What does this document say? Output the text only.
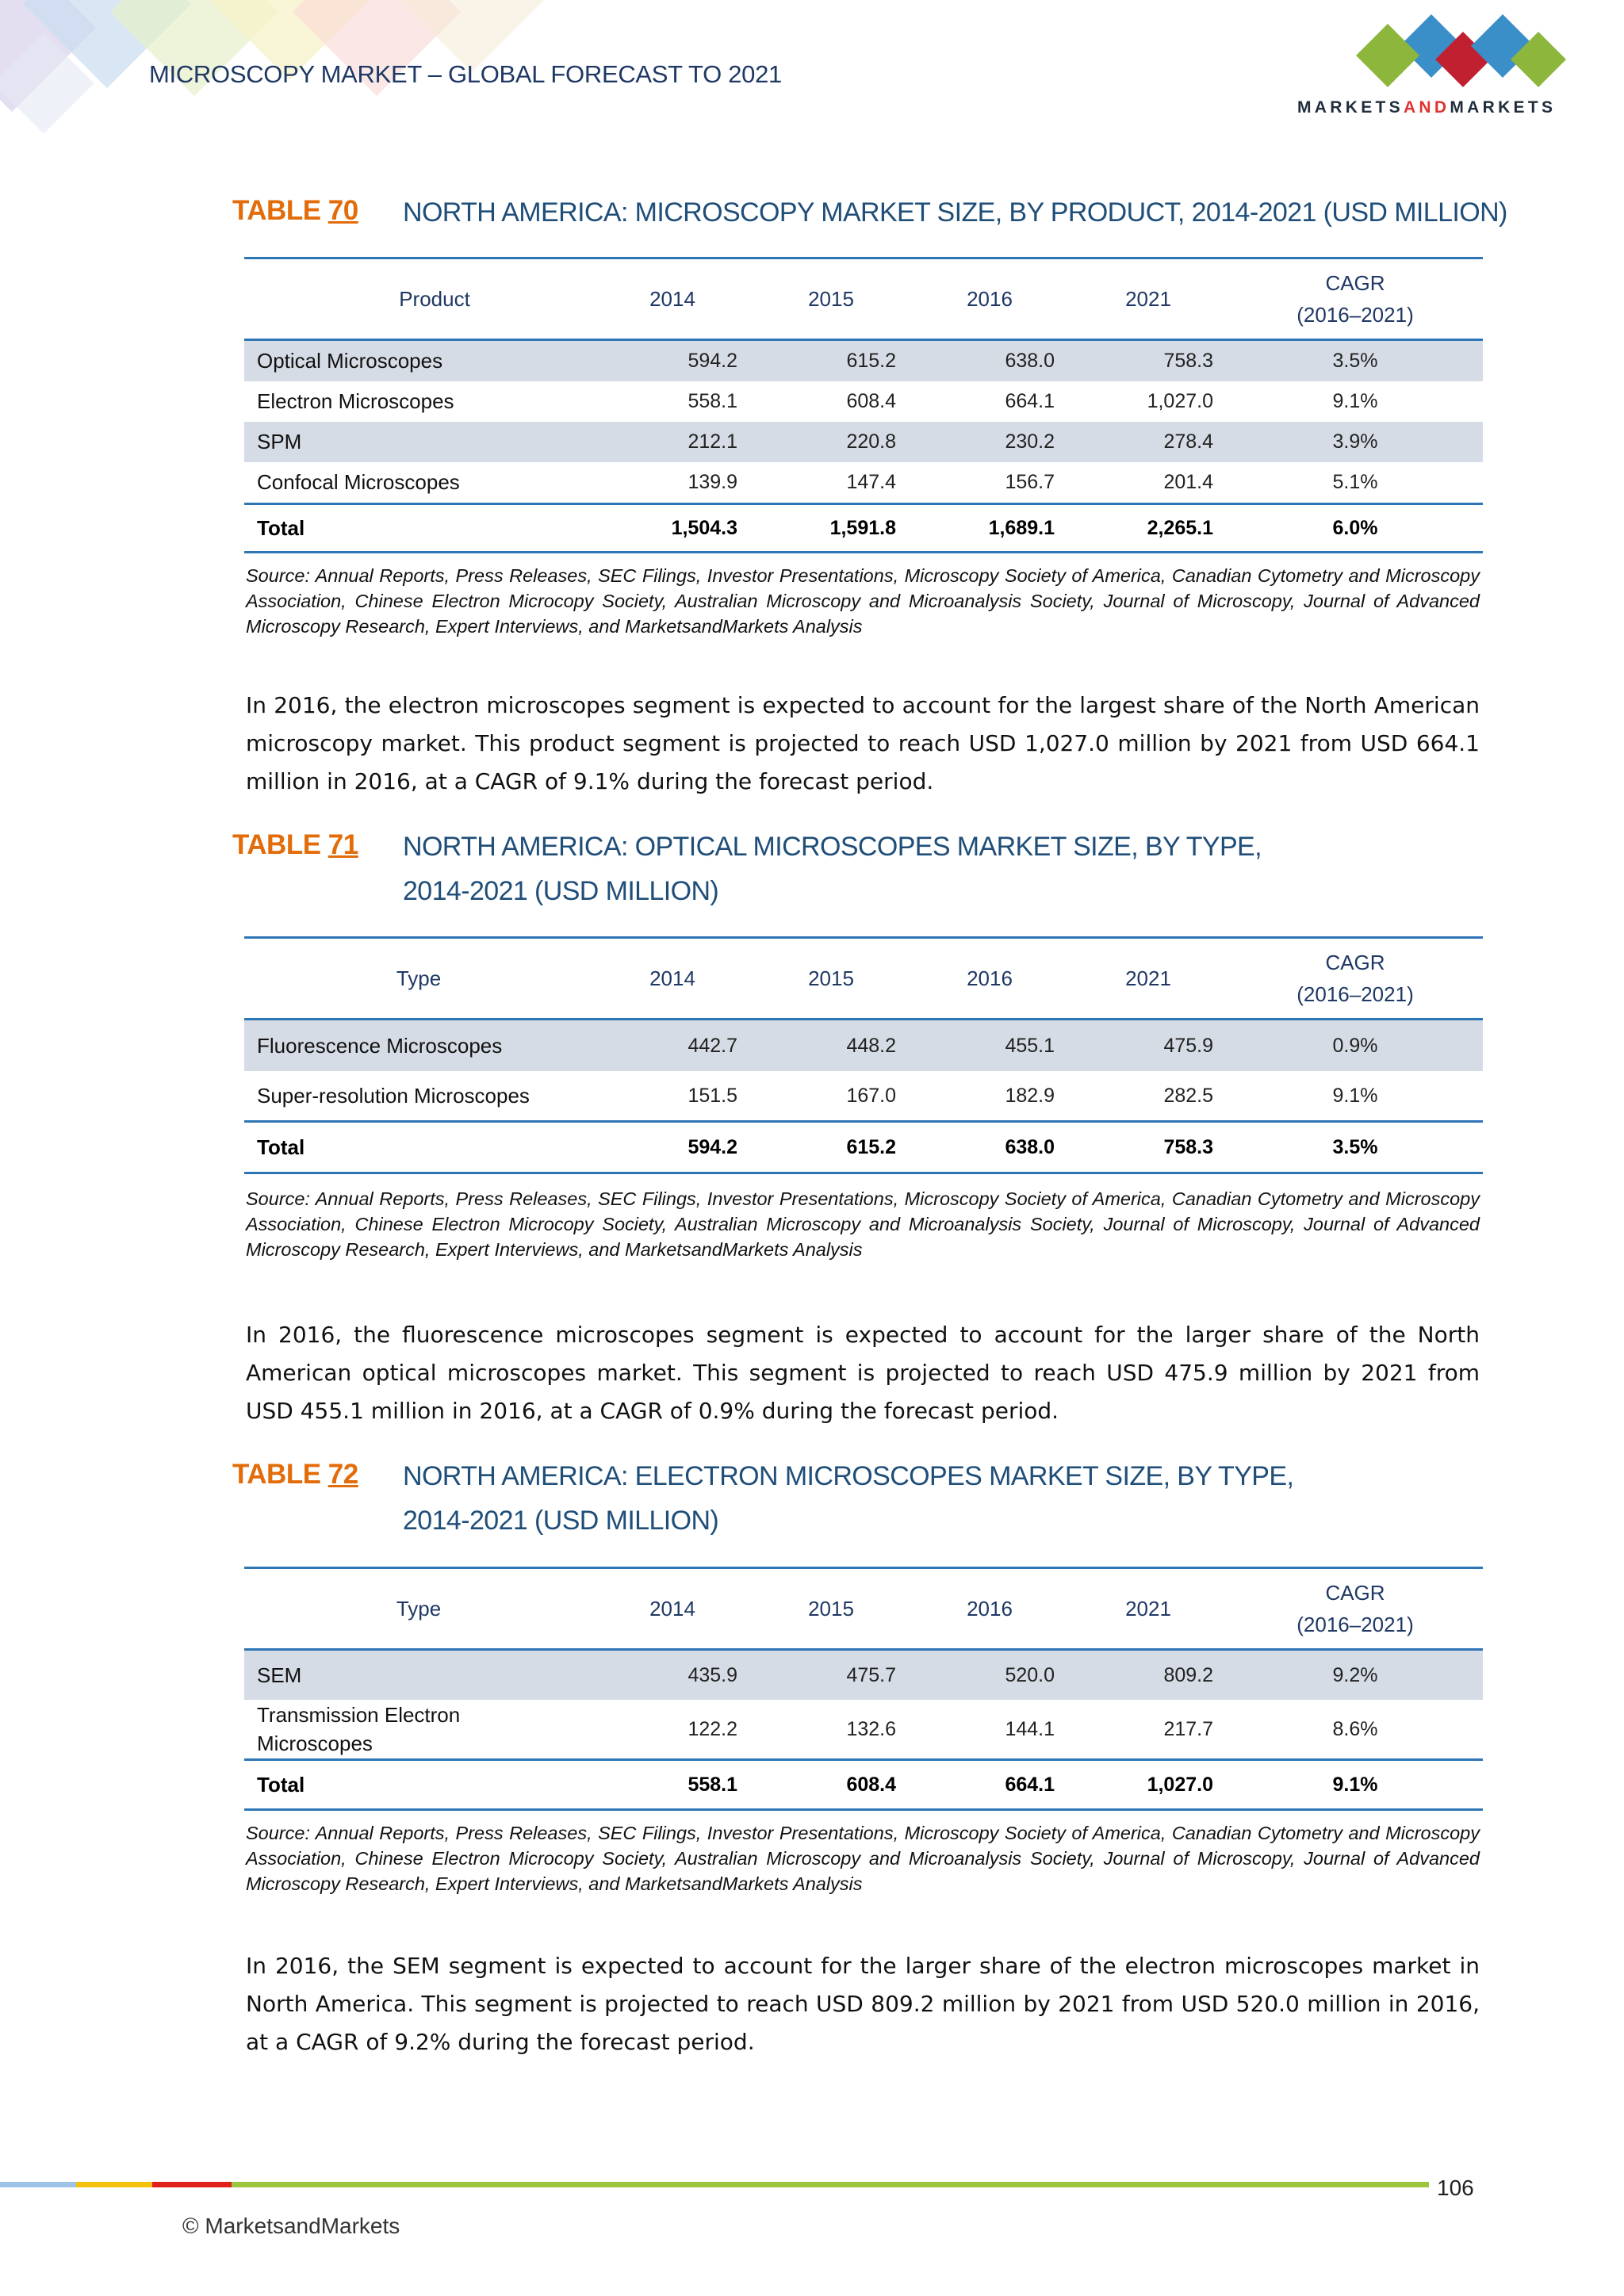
MICROSCOPY MARKET – GLOBAL FORECAST TO 2021
MARKETSANDMARKETS
TABLE 70 NORTH AMERICA: MICROSCOPY MARKET SIZE, BY PRODUCT, 2014-2021 (USD MILLION)
Product	2014	2015	2016	2021	CAGR
(2016–2021)
Optical Microscopes	594.2	615.2	638.0	758.3	3.5%
Electron Microscopes	558.1	608.4	664.1	1,027.0	9.1%
SPM	212.1	220.8	230.2	278.4	3.9%
Confocal Microscopes	139.9	147.4	156.7	201.4	5.1%
Total	1,504.3	1,591.8	1,689.1	2,265.1	6.0%
Source: Annual Reports, Press Releases, SEC Filings, Investor Presentations, Microscopy Society of America, Canadian Cytometry and Microscopy Association, Chinese Electron Microcopy Society, Australian Microscopy and Microanalysis Society, Journal of Microscopy, Journal of Advanced Microscopy Research, Expert Interviews, and MarketsandMarkets Analysis
In 2016, the electron microscopes segment is expected to account for the largest share of the North American microscopy market. This product segment is projected to reach USD 1,027.0 million by 2021 from USD 664.1 million in 2016, at a CAGR of 9.1% during the forecast period.
TABLE 71 NORTH AMERICA: OPTICAL MICROSCOPES MARKET SIZE, BY TYPE,
2014-2021 (USD MILLION)
Type	2014	2015	2016	2021	CAGR
(2016–2021)
Fluorescence Microscopes	442.7	448.2	455.1	475.9	0.9%
Super-resolution Microscopes	151.5	167.0	182.9	282.5	9.1%
Total	594.2	615.2	638.0	758.3	3.5%
Source: Annual Reports, Press Releases, SEC Filings, Investor Presentations, Microscopy Society of America, Canadian Cytometry and Microscopy Association, Chinese Electron Microcopy Society, Australian Microscopy and Microanalysis Society, Journal of Microscopy, Journal of Advanced Microscopy Research, Expert Interviews, and MarketsandMarkets Analysis
In 2016, the fluorescence microscopes segment is expected to account for the larger share of the North American optical microscopes market. This segment is projected to reach USD 475.9 million by 2021 from USD 455.1 million in 2016, at a CAGR of 0.9% during the forecast period.
TABLE 72 NORTH AMERICA: ELECTRON MICROSCOPES MARKET SIZE, BY TYPE,
2014-2021 (USD MILLION)
Type	2014	2015	2016	2021	CAGR
(2016–2021)
SEM	435.9	475.7	520.0	809.2	9.2%
Transmission Electron Microscopes	122.2	132.6	144.1	217.7	8.6%
Total	558.1	608.4	664.1	1,027.0	9.1%
Source: Annual Reports, Press Releases, SEC Filings, Investor Presentations, Microscopy Society of America, Canadian Cytometry and Microscopy Association, Chinese Electron Microcopy Society, Australian Microscopy and Microanalysis Society, Journal of Microscopy, Journal of Advanced Microscopy Research, Expert Interviews, and MarketsandMarkets Analysis
In 2016, the SEM segment is expected to account for the larger share of the electron microscopes market in North America. This segment is projected to reach USD 809.2 million by 2021 from USD 520.0 million in 2016, at a CAGR of 9.2% during the forecast period.
106
© MarketsandMarkets
